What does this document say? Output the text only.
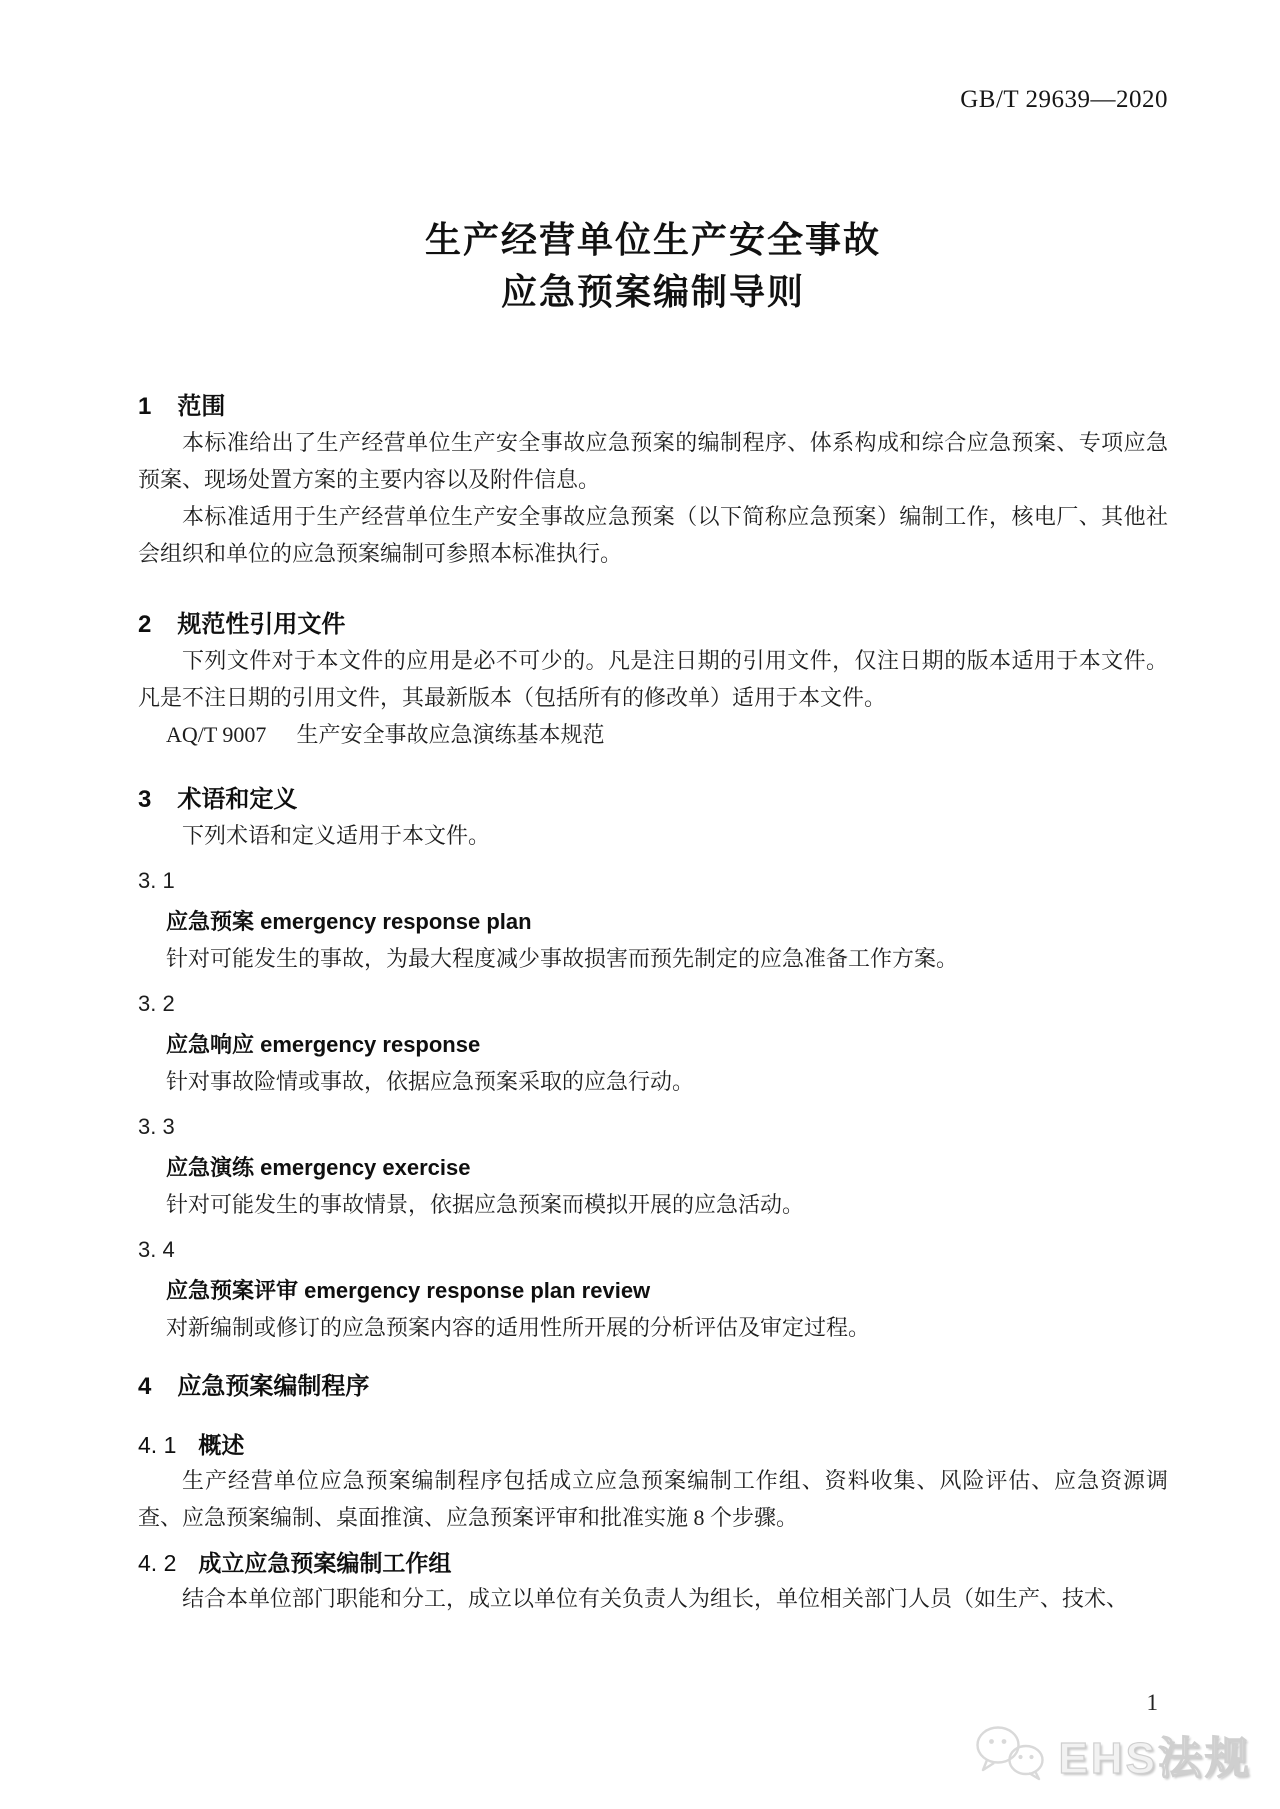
GB/T 29639—2020
生产经营单位生产安全事故
应急预案编制导则
1 范围

本标准给出了生产经营单位生产安全事故应急预案的编制程序、体系构成和综合应急预案、专项应急预案、现场处置方案的主要内容以及附件信息。

本标准适用于生产经营单位生产安全事故应急预案（以下简称应急预案）编制工作，核电厂、其他社会组织和单位的应急预案编制可参照本标准执行。

2 规范性引用文件

下列文件对于本文件的应用是必不可少的。凡是注日期的引用文件，仅注日期的版本适用于本文件。凡是不注日期的引用文件，其最新版本（包括所有的修改单）适用于本文件。

AQ/T 9007 生产安全事故应急演练基本规范

3 术语和定义

下列术语和定义适用于本文件。

3. 1
应急预案 emergency response plan

针对可能发生的事故，为最大程度减少事故损害而预先制定的应急准备工作方案。

3. 2
应急响应 emergency response

针对事故险情或事故，依据应急预案采取的应急行动。

3. 3
应急演练 emergency exercise

针对可能发生的事故情景，依据应急预案而模拟开展的应急活动。

3. 4
应急预案评审 emergency response plan review

对新编制或修订的应急预案内容的适用性所开展的分析评估及审定过程。

4 应急预案编制程序
4. 1 概述

生产经营单位应急预案编制程序包括成立应急预案编制工作组、资料收集、风险评估、应急资源调查、应急预案编制、桌面推演、应急预案评审和批准实施 8 个步骤。

4. 2 成立应急预案编制工作组

结合本单位部门职能和分工，成立以单位有关负责人为组长，单位相关部门人员（如生产、技术、

1
EHS法规
